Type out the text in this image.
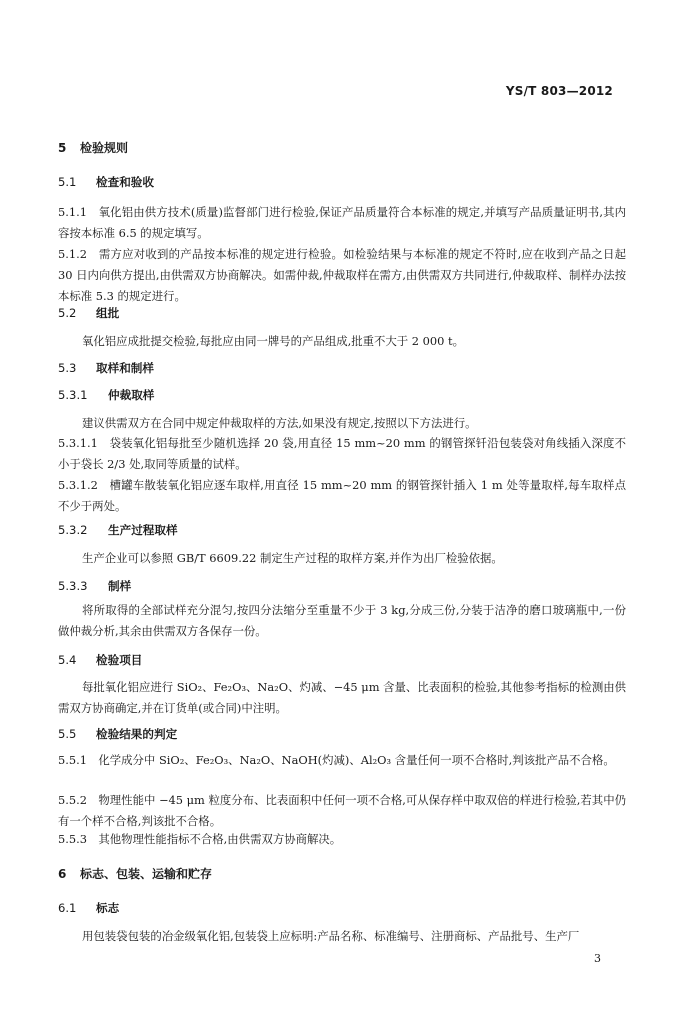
YS/T 803—2012
5 检验规则
5.1 检查和验收
5.1.1　氧化铝由供方技术(质量)监督部门进行检验,保证产品质量符合本标准的规定,并填写产品质量证明书,其内容按本标准 6.5 的规定填写。
5.1.2　需方应对收到的产品按本标准的规定进行检验。如检验结果与本标准的规定不符时,应在收到产品之日起 30 日内向供方提出,由供需双方协商解决。如需仲裁,仲裁取样在需方,由供需双方共同进行,仲裁取样、制样办法按本标准 5.3 的规定进行。
5.2 组批
氧化铝应成批提交检验,每批应由同一牌号的产品组成,批重不大于 2 000 t。
5.3 取样和制样
5.3.1 仲裁取样
建议供需双方在合同中规定仲裁取样的方法,如果没有规定,按照以下方法进行。
5.3.1.1　袋装氧化铝每批至少随机选择 20 袋,用直径 15 mm~20 mm 的钢管探钎沿包装袋对角线插入深度不小于袋长 2/3 处,取同等质量的试样。
5.3.1.2　槽罐车散装氧化铝应逐车取样,用直径 15 mm~20 mm 的钢管探针插入 1 m 处等量取样,每车取样点不少于两处。
5.3.2 生产过程取样
生产企业可以参照 GB/T 6609.22 制定生产过程的取样方案,并作为出厂检验依据。
5.3.3 制样
将所取得的全部试样充分混匀,按四分法缩分至重量不少于 3 kg,分成三份,分装于洁净的磨口玻璃瓶中,一份做仲裁分析,其余由供需双方各保存一份。
5.4 检验项目
每批氧化铝应进行 SiO₂、Fe₂O₃、Na₂O、灼减、−45 μm 含量、比表面积的检验,其他参考指标的检测由供需双方协商确定,并在订货单(或合同)中注明。
5.5 检验结果的判定
5.5.1　化学成分中 SiO₂、Fe₂O₃、Na₂O、NaOH(灼减)、Al₂O₃ 含量任何一项不合格时,判该批产品不合格。
5.5.2　物理性能中 −45 μm 粒度分布、比表面积中任何一项不合格,可从保存样中取双倍的样进行检验,若其中仍有一个样不合格,判该批不合格。
5.5.3　其他物理性能指标不合格,由供需双方协商解决。
6 标志、包装、运输和贮存
6.1 标志
用包装袋包装的冶金级氧化铝,包装袋上应标明:产品名称、标准编号、注册商标、产品批号、生产厂
3
